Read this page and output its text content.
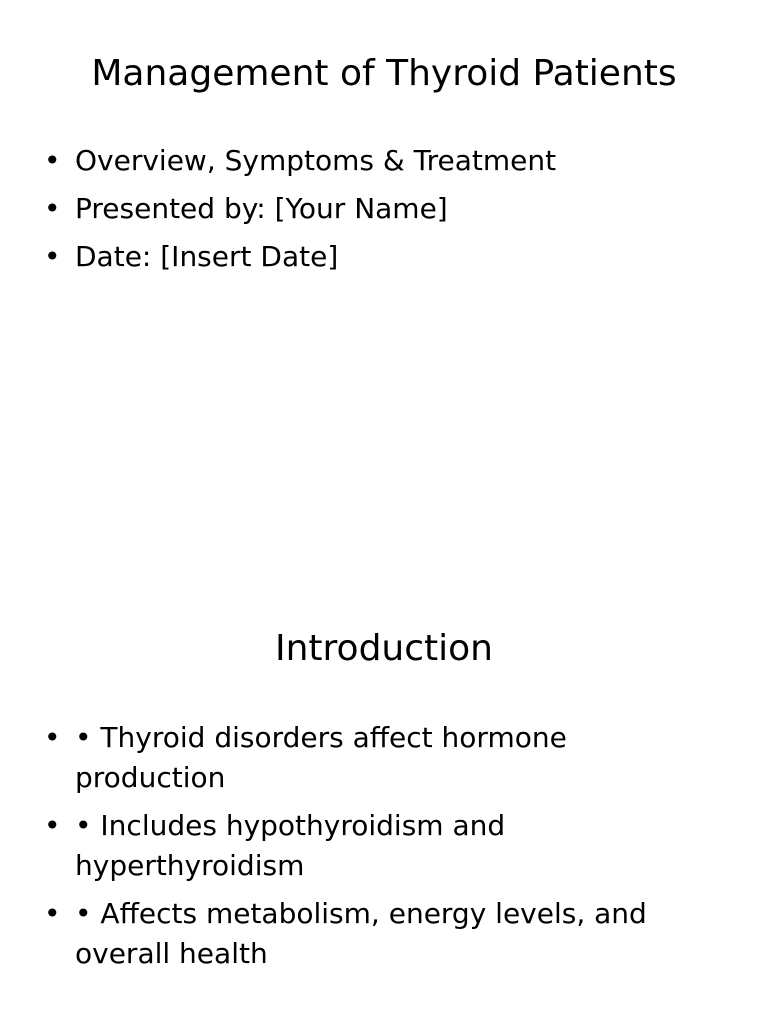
Management of Thyroid Patients
• Overview, Symptoms & Treatment
• Presented by: [Your Name]
• Date: [Insert Date]
Introduction
• • Thyroid disorders affect hormone production
• • Includes hypothyroidism and hyperthyroidism
• • Affects metabolism, energy levels, and overall health
